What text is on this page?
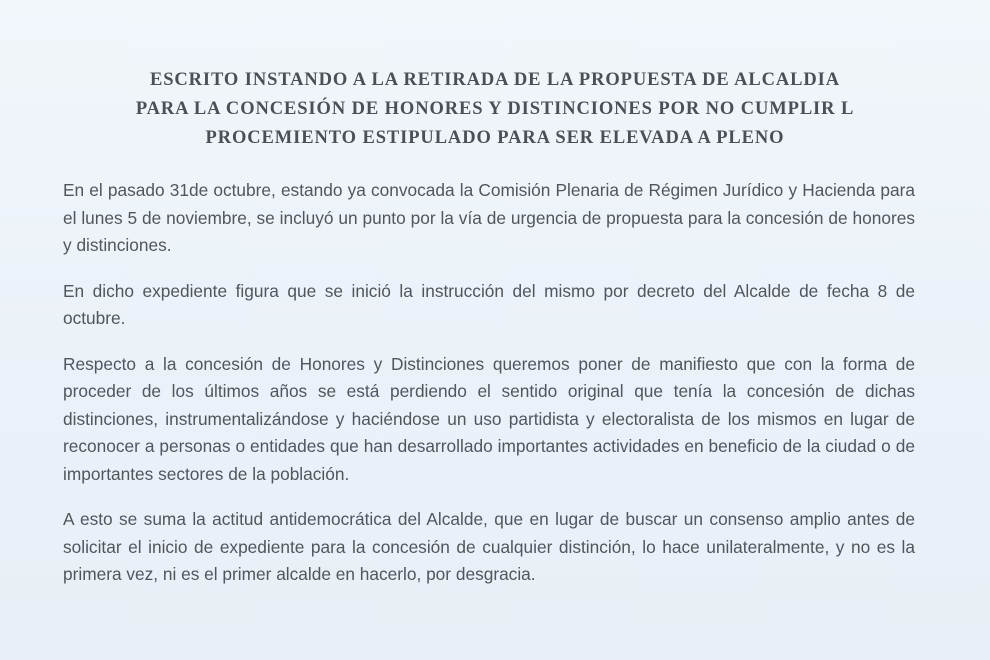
ESCRITO INSTANDO A LA RETIRADA DE LA PROPUESTA DE ALCALDIA
PARA LA CONCESIÓN DE HONORES Y DISTINCIONES POR NO CUMPLIR L
PROCEMIENTO ESTIPULADO PARA SER ELEVADA A PLENO

En el pasado 31de octubre, estando ya convocada la Comisión Plenaria de Régimen Jurídico y Hacienda para el lunes 5 de noviembre, se incluyó un punto por la vía de urgencia de propuesta para la concesión de honores y distinciones.

En dicho expediente figura que se inició la instrucción del mismo por decreto del Alcalde de fecha 8 de octubre.

Respecto a la concesión de Honores y Distinciones queremos poner de manifiesto que con la forma de proceder de los últimos años se está perdiendo el sentido original que tenía la concesión de dichas distinciones, instrumentalizándose y haciéndose un uso partidista y electoralista de los mismos en lugar de reconocer a personas o entidades que han desarrollado importantes actividades en beneficio de la ciudad o de importantes sectores de la población.

A esto se suma la actitud antidemocrática del Alcalde, que en lugar de buscar un consenso amplio antes de solicitar el inicio de expediente para la concesión de cualquier distinción, lo hace unilateralmente, y no es la primera vez, ni es el primer alcalde en hacerlo, por desgracia.
